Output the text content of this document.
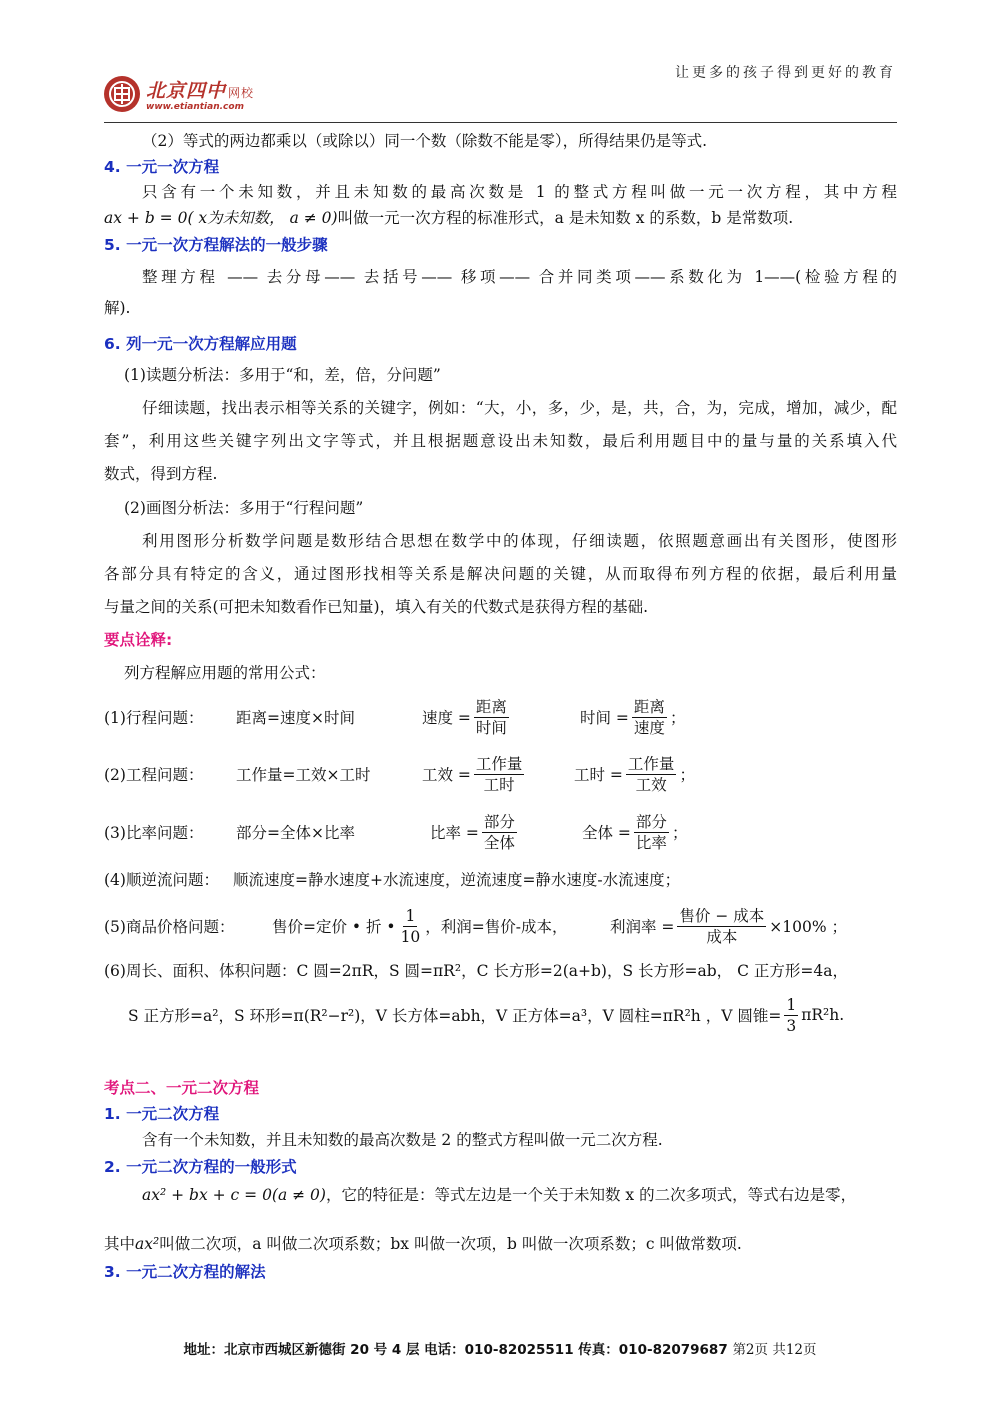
北京四中 网校
www.etiantian.com
让更多的孩子得到更好的教育
（2）等式的两边都乘以（或除以）同一个数（除数不能是零），所得结果仍是等式.
4. 一元一次方程
只含有一个未知数，并且未知数的最高次数是 1 的整式方程叫做一元一次方程，其中方程
ax + b = 0( x为未知数， a ≠ 0)叫做一元一次方程的标准形式，a 是未知数 x 的系数，b 是常数项.
5. 一元一次方程解法的一般步骤
整理方程 —— 去分母—— 去括号—— 移项—— 合并同类项——系数化为 1——(检验方程的
解).
6. 列一元一次方程解应用题
(1)读题分析法：多用于“和，差，倍，分问题”
仔细读题，找出表示相等关系的关键字，例如：“大，小，多，少，是，共，合，为，完成，增加，减少，配
套”，利用这些关键字列出文字等式，并且根据题意设出未知数，最后利用题目中的量与量的关系填入代
数式，得到方程.
(2)画图分析法：多用于“行程问题”
利用图形分析数学问题是数形结合思想在数学中的体现，仔细读题，依照题意画出有关图形，使图形
各部分具有特定的含义，通过图形找相等关系是解决问题的关键，从而取得布列方程的依据，最后利用量
与量之间的关系(可把未知数看作已知量)，填入有关的代数式是获得方程的基础.
要点诠释:
列方程解应用题的常用公式：
(1)行程问题： 距离=速度×时间	速度 = $\frac{\text{距离}}{\text{时间}}$	时间 = $\frac{\text{距离}}{\text{速度}}$ ；
(2)工程问题： 工作量=工效×工时	工效 = $\frac{\text{工作量}}{\text{工时}}$	工时 = $\frac{\text{工作量}}{\text{工效}}$ ；
(3)比率问题： 部分=全体×比率	比率 = $\frac{\text{部分}}{\text{全体}}$	全体 = $\frac{\text{部分}}{\text{比率}}$ ；
(4)顺逆流问题： 顺流速度=静水速度+水流速度，逆流速度=静水速度-水流速度；
(5)商品价格问题： 售价=定价 • 折 • $\frac{1}{10}$ ，利润=售价-成本，	利润率 = $\frac{\text{售价 − 成本}}{\text{成本}} \times 100\%$ ；
(6)周长、面积、体积问题：C 圆=2πR，S 圆=πR²，C 长方形=2(a+b)，S 长方形=ab， C 正方形=4a，
S 正方形=a²，S 环形=π(R²−r²)，V 长方体=abh，V 正方体=a³，V 圆柱=πR²h ，V 圆锥= $\frac{1}{3} \pi R^2h$.
考点二、一元二次方程
1. 一元二次方程
含有一个未知数，并且未知数的最高次数是 2 的整式方程叫做一元二次方程.
2. 一元二次方程的一般形式
ax² + bx + c = 0(a ≠ 0)，它的特征是：等式左边是一个关于未知数 x 的二次多项式，等式右边是零，
其中ax²叫做二次项，a 叫做二次项系数；bx 叫做一次项，b 叫做一次项系数；c 叫做常数项.
3. 一元二次方程的解法
地址：北京市西城区新德街 20 号 4 层 电话：010-82025511 传真：010-82079687 第2页 共12页
